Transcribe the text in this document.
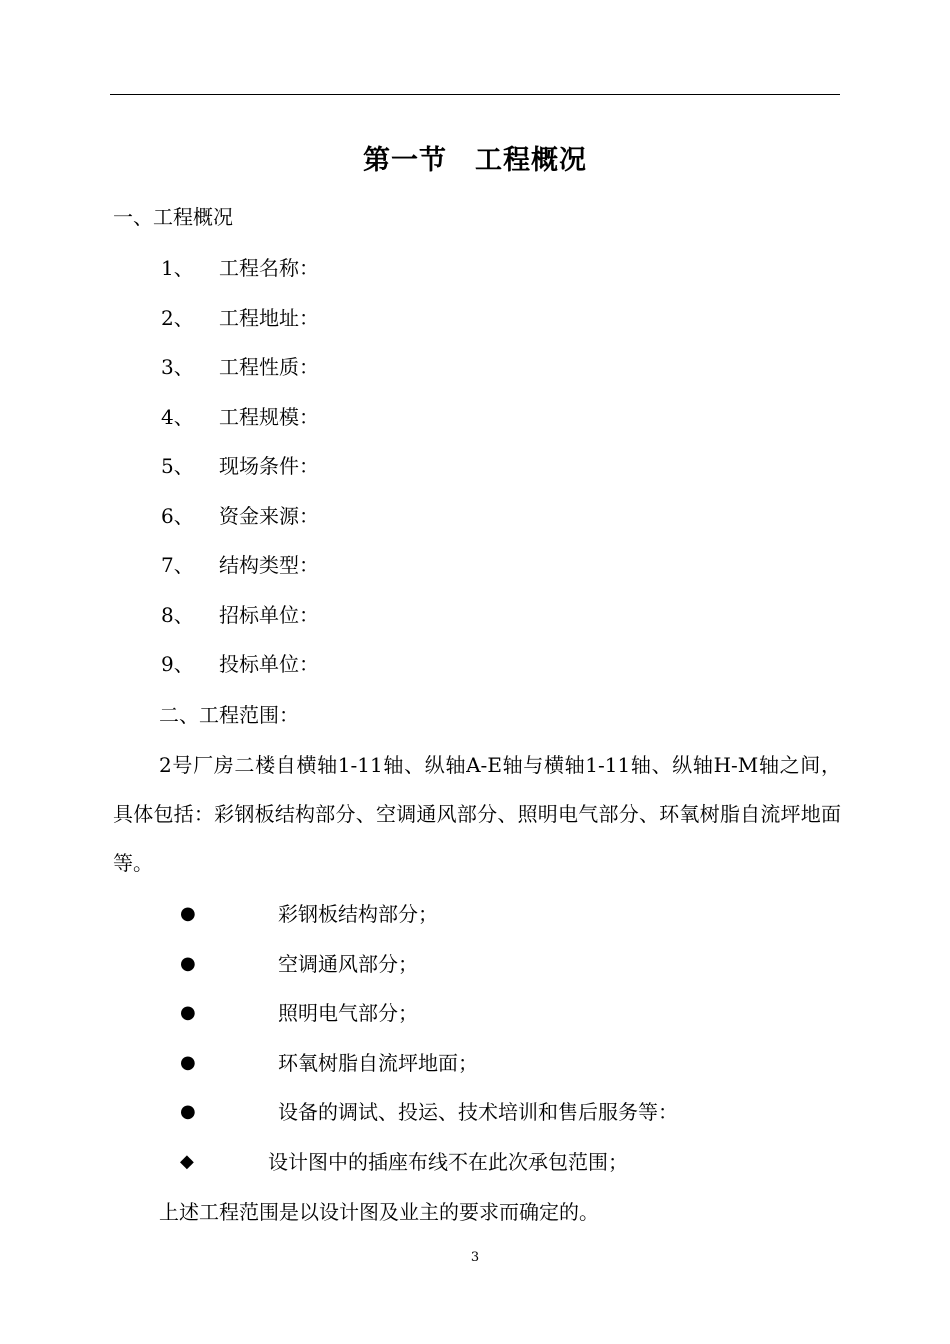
第一节　工程概况
一、工程概况
1、 工程名称：
2、 工程地址：
3、 工程性质：
4、 工程规模：
5、 现场条件：
6、 资金来源：
7、 结构类型：
8、 招标单位：
9、 投标单位：
二、工程范围：
2号厂房二楼自横轴1-11轴、纵轴A-E轴与横轴1-11轴、纵轴H-M轴之间，具体包括：彩钢板结构部分、空调通风部分、照明电气部分、环氧树脂自流坪地面等。
●	彩钢板结构部分；
●	空调通风部分；
●	照明电气部分；
●	环氧树脂自流坪地面；
●	设备的调试、投运、技术培训和售后服务等：
◆	设计图中的插座布线不在此次承包范围；
上述工程范围是以设计图及业主的要求而确定的。
3
